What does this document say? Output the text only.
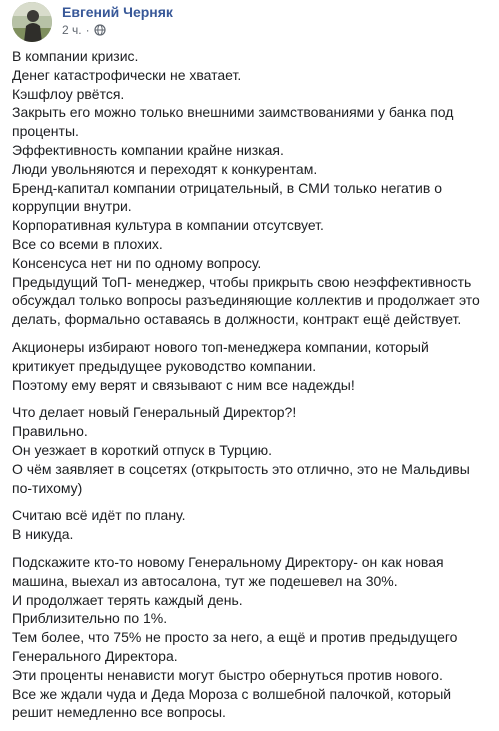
Евгений Черняк
2 ч. ·
В компании кризис.
Денег катастрофически не хватает.
Кэшфлоу рвётся.
Закрыть его можно только внешними заимствованиями у банка под
проценты.
Эффективность компании крайне низкая.
Люди увольняются и переходят к конкурентам.
Бренд-капитал компании отрицательный, в СМИ только негатив о
коррупции внутри.
Корпоративная культура в компании отсутсвует.
Все со всеми в плохих.
Консенсуса нет ни по одному вопросу.
Предыдущий ТоП- менеджер, чтобы прикрыть свою неэффективность
обсуждал только вопросы разъединяющие коллектив и продолжает это
делать, формально оставаясь в должности, контракт ещё действует.
Акционеры избирают нового топ-менеджера компании, который
критикует предыдущее руководство компании.
Поэтому ему верят и связывают с ним все надежды!
Что делает новый Генеральный Директор?!
Правильно.
Он уезжает в короткий отпуск в Турцию.
О чём заявляет в соцсетях (открытость это отлично, это не Мальдивы
по-тихому)
Считаю всё идёт по плану.
В никуда.
Подскажите кто-то новому Генеральному Директору- он как новая
машина, выехал из автосалона, тут же подешевел на 30%.
И продолжает терять каждый день.
Приблизительно по 1%.
Тем более, что 75% не просто за него, а ещё и против предыдущего
Генерального Директора.
Эти проценты ненависти могут быстро обернуться против нового.
Все же ждали чуда и Деда Мороза с волшебной палочкой, который
решит немедленно все вопросы.
